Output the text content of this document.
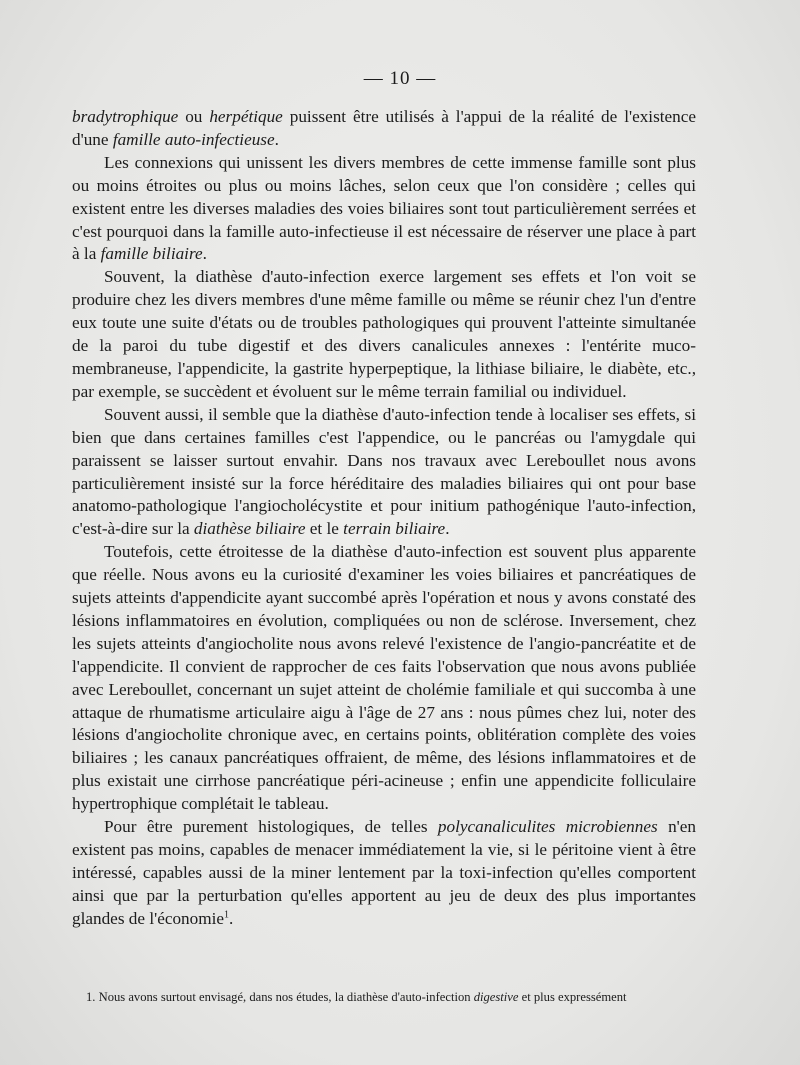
— 10 —

bradytrophique ou herpétique puissent être utilisés à l'appui de la réalité de l'existence d'une famille auto-infectieuse.

Les connexions qui unissent les divers membres de cette immense famille sont plus ou moins étroites ou plus ou moins lâches, selon ceux que l'on considère ; celles qui existent entre les diverses maladies des voies biliaires sont tout particulièrement serrées et c'est pourquoi dans la famille auto-infectieuse il est nécessaire de réserver une place à part à la famille biliaire.

Souvent, la diathèse d'auto-infection exerce largement ses effets et l'on voit se produire chez les divers membres d'une même famille ou même se réunir chez l'un d'entre eux toute une suite d'états ou de troubles pathologiques qui prouvent l'atteinte simultanée de la paroi du tube digestif et des divers canalicules annexes : l'entérite muco-membraneuse, l'appendicite, la gastrite hyperpeptique, la lithiase biliaire, le diabète, etc., par exemple, se succèdent et évoluent sur le même terrain familial ou individuel.

Souvent aussi, il semble que la diathèse d'auto-infection tende à localiser ses effets, si bien que dans certaines familles c'est l'appendice, ou le pancréas ou l'amygdale qui paraissent se laisser surtout envahir. Dans nos travaux avec Lereboullet nous avons particulièrement insisté sur la force héréditaire des maladies biliaires qui ont pour base anatomo-pathologique l'angiocholécystite et pour initium pathogénique l'auto-infection, c'est-à-dire sur la diathèse biliaire et le terrain biliaire.

Toutefois, cette étroitesse de la diathèse d'auto-infection est souvent plus apparente que réelle. Nous avons eu la curiosité d'examiner les voies biliaires et pancréatiques de sujets atteints d'appendicite ayant succombé après l'opération et nous y avons constaté des lésions inflammatoires en évolution, compliquées ou non de sclérose. Inversement, chez les sujets atteints d'angiocholite nous avons relevé l'existence de l'angio-pancréatite et de l'appendicite. Il convient de rapprocher de ces faits l'observation que nous avons publiée avec Lereboullet, concernant un sujet atteint de cholémie familiale et qui succomba à une attaque de rhumatisme articulaire aigu à l'âge de 27 ans : nous pûmes chez lui, noter des lésions d'angiocholite chronique avec, en certains points, oblitération complète des voies biliaires ; les canaux pancréatiques offraient, de même, des lésions inflammatoires et de plus existait une cirrhose pancréatique péri-acineuse ; enfin une appendicite folliculaire hypertrophique complétait le tableau.

Pour être purement histologiques, de telles polycanaliculites microbiennes n'en existent pas moins, capables de menacer immédiatement la vie, si le péritoine vient à être intéressé, capables aussi de la miner lentement par la toxi-infection qu'elles comportent ainsi que par la perturbation qu'elles apportent au jeu de deux des plus importantes glandes de l'économie$^1$.

1. Nous avons surtout envisagé, dans nos études, la diathèse d'auto-infection digestive et plus expressément
